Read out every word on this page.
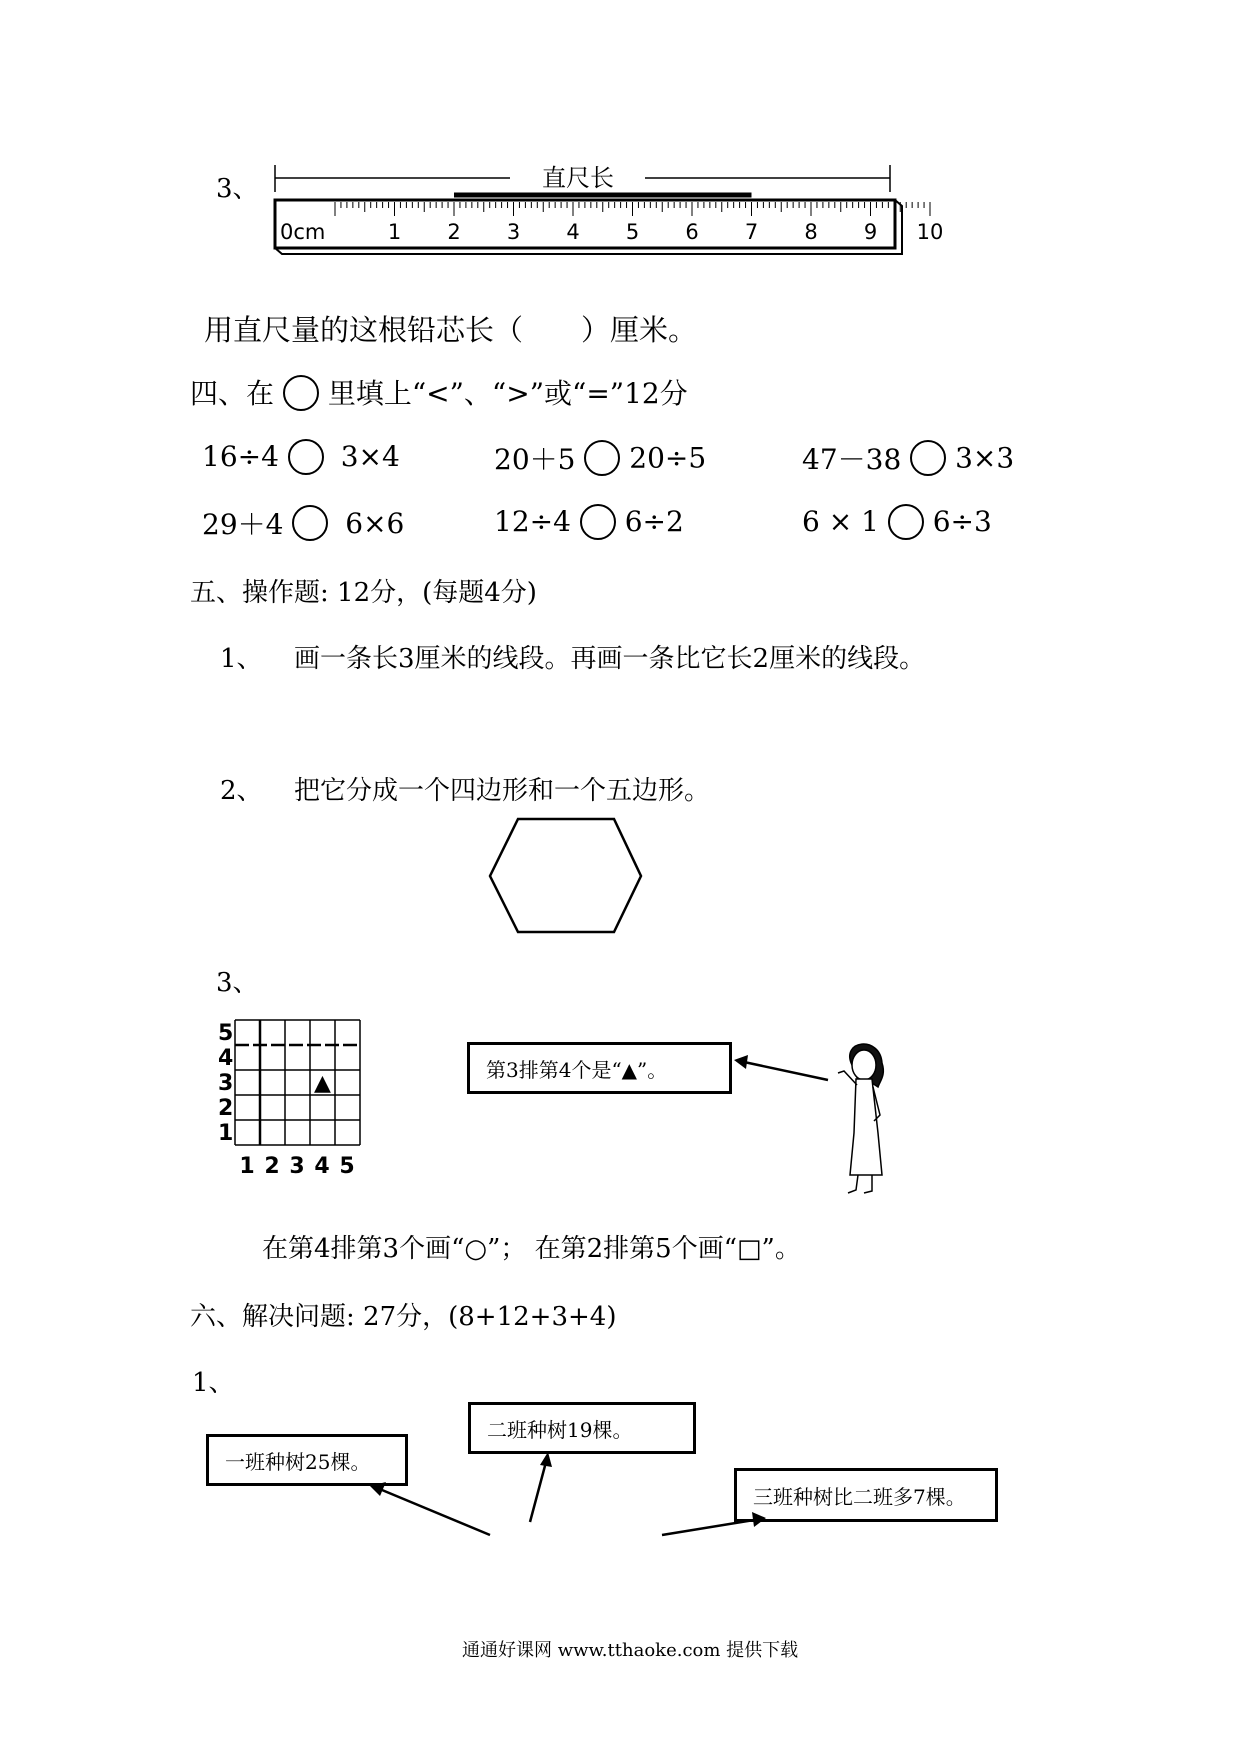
3、	直尺长
1 2 3 4 5 6 7 8 9 10
0cm
用直尺量的这根铅芯长（　　）厘米。
四、在 里填上“<”、“>”或“=”12分
16÷4 3×4	20＋5 20÷5	47－38 3×3
29＋4 6×6	12÷4 6÷2	6 × 1 6÷3
五、操作题: 12分，(每题4分)
1、 画一条长3厘米的线段。再画一条比它长2厘米的线段。
2、 把它分成一个四边形和一个五边形。
3、
5
4
3
2
1
1 2 3 4 5
▲
第3排第4个是“▲”。
在第4排第3个画“○”； 在第2排第5个画“□”。
六、解决问题: 27分，(8+12+3+4)
1、
一班种树25棵。
二班种树19棵。
三班种树比二班多7棵。
通通好课网 www.tthaoke.com 提供下载
